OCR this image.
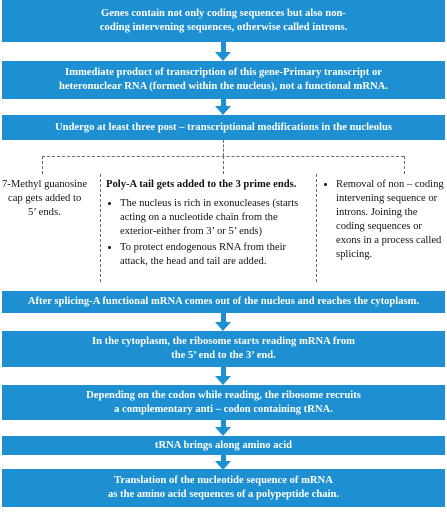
Genes contain not only coding sequences but also non-
coding intervening sequences, otherwise called introns.
Immediate product of transcription of this gene-Primary transcript or
heteronuclear RNA (formed within the nucleus), not a functional mRNA.
Undergo at least three post – transcriptional modifications in the nucleolus
7-Methyl guanosine
cap gets added to
5’ ends.
Poly-A tail gets added to the 3 prime ends.
• The nucleus is rich in exonucleases (starts acting on a nucleotide chain from the exterior-either from 3’ or 5’ ends)
• To protect endogenous RNA from their attack, the head and tail are added.
• Removal of non – coding intervening sequence or introns. Joining the coding sequences or exons in a process called splicing.
After splicing-A functional mRNA comes out of the nucleus and reaches the cytoplasm.
In the cytoplasm, the ribosome starts reading mRNA from
the 5’ end to the 3’ end.
Depending on the codon while reading, the ribosome recruits
a complementary anti – codon containing tRNA.
tRNA brings along amino acid
Translation of the nucleotide sequence of mRNA
as the amino acid sequences of a polypeptide chain.
